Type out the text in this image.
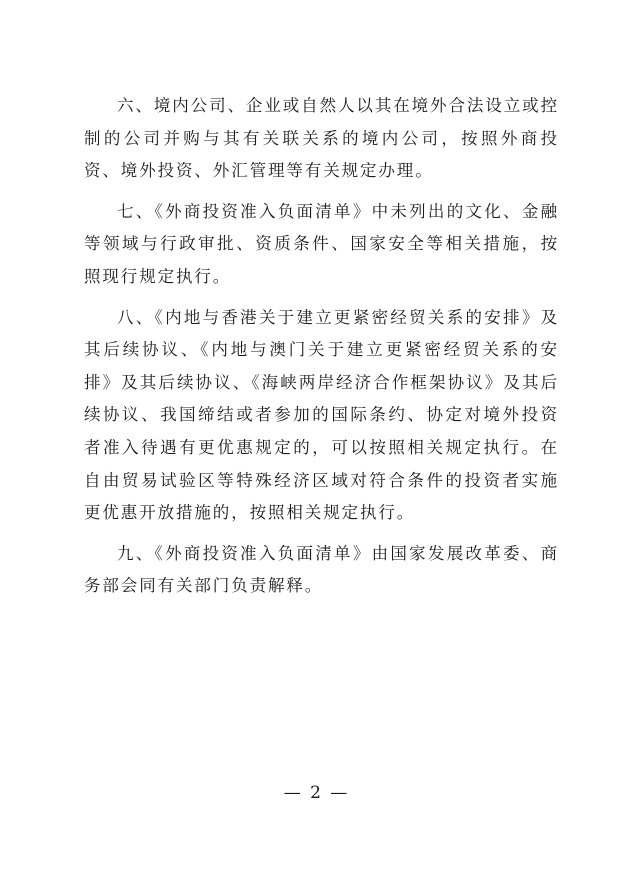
六、境内公司、企业或自然人以其在境外合法设立或控制的公司并购与其有关联关系的境内公司，按照外商投资、境外投资、外汇管理等有关规定办理。

七、《外商投资准入负面清单》中未列出的文化、金融等领域与行政审批、资质条件、国家安全等相关措施，按照现行规定执行。

八、《内地与香港关于建立更紧密经贸关系的安排》及其后续协议、《内地与澳门关于建立更紧密经贸关系的安排》及其后续协议、《海峡两岸经济合作框架协议》及其后续协议、我国缔结或者参加的国际条约、协定对境外投资者准入待遇有更优惠规定的，可以按照相关规定执行。在自由贸易试验区等特殊经济区域对符合条件的投资者实施更优惠开放措施的，按照相关规定执行。

九、《外商投资准入负面清单》由国家发展改革委、商务部会同有关部门负责解释。

— 2 —
